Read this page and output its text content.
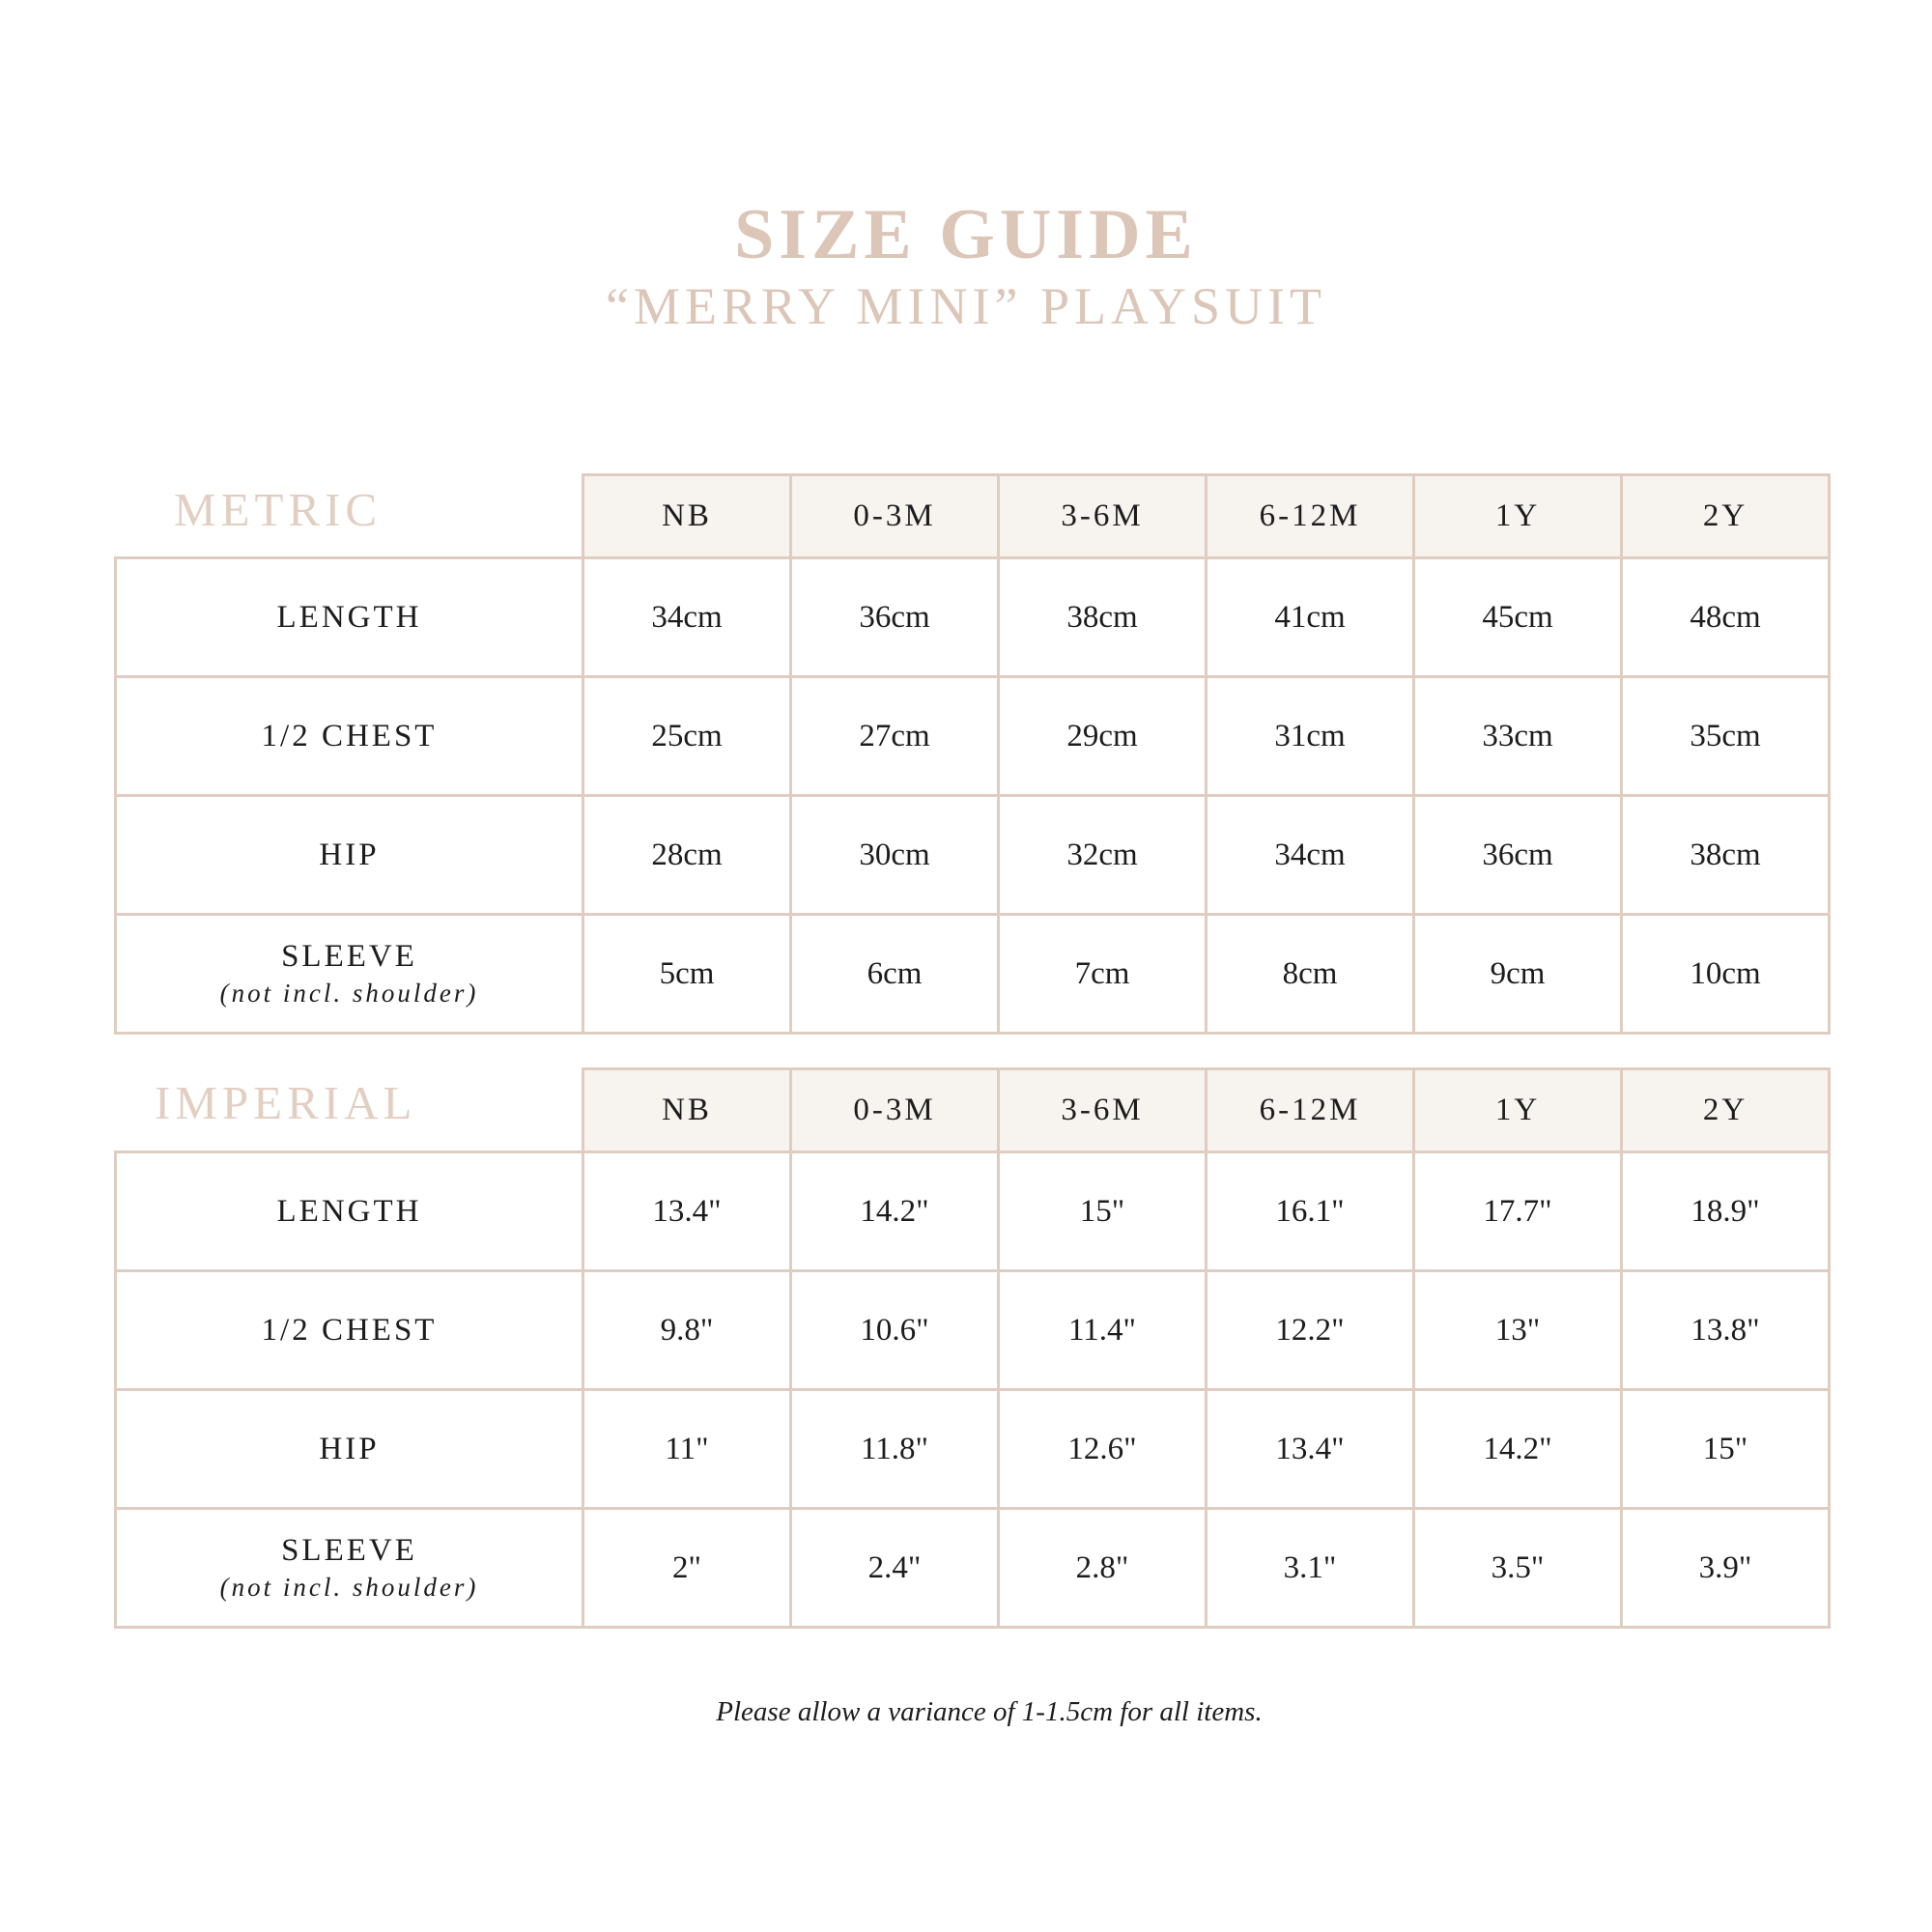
SIZE GUIDE
“MERRY MINI” PLAYSUIT
METRIC
		NB	0-3M	3-6M	6-12M	1Y	2Y
LENGTH	34cm	36cm	38cm	41cm	45cm	48cm
1/2 CHEST	25cm	27cm	29cm	31cm	33cm	35cm
HIP	28cm	30cm	32cm	34cm	36cm	38cm
SLEEVE
(not incl. shoulder)	5cm	6cm	7cm	8cm	9cm	10cm
IMPERIAL
		NB	0-3M	3-6M	6-12M	1Y	2Y
LENGTH	13.4"	14.2"	15"	16.1"	17.7"	18.9"
1/2 CHEST	9.8"	10.6"	11.4"	12.2"	13"	13.8"
HIP	11"	11.8"	12.6"	13.4"	14.2"	15"
SLEEVE
(not incl. shoulder)	2"	2.4"	2.8"	3.1"	3.5"	3.9"
Please allow a variance of 1-1.5cm for all items.
